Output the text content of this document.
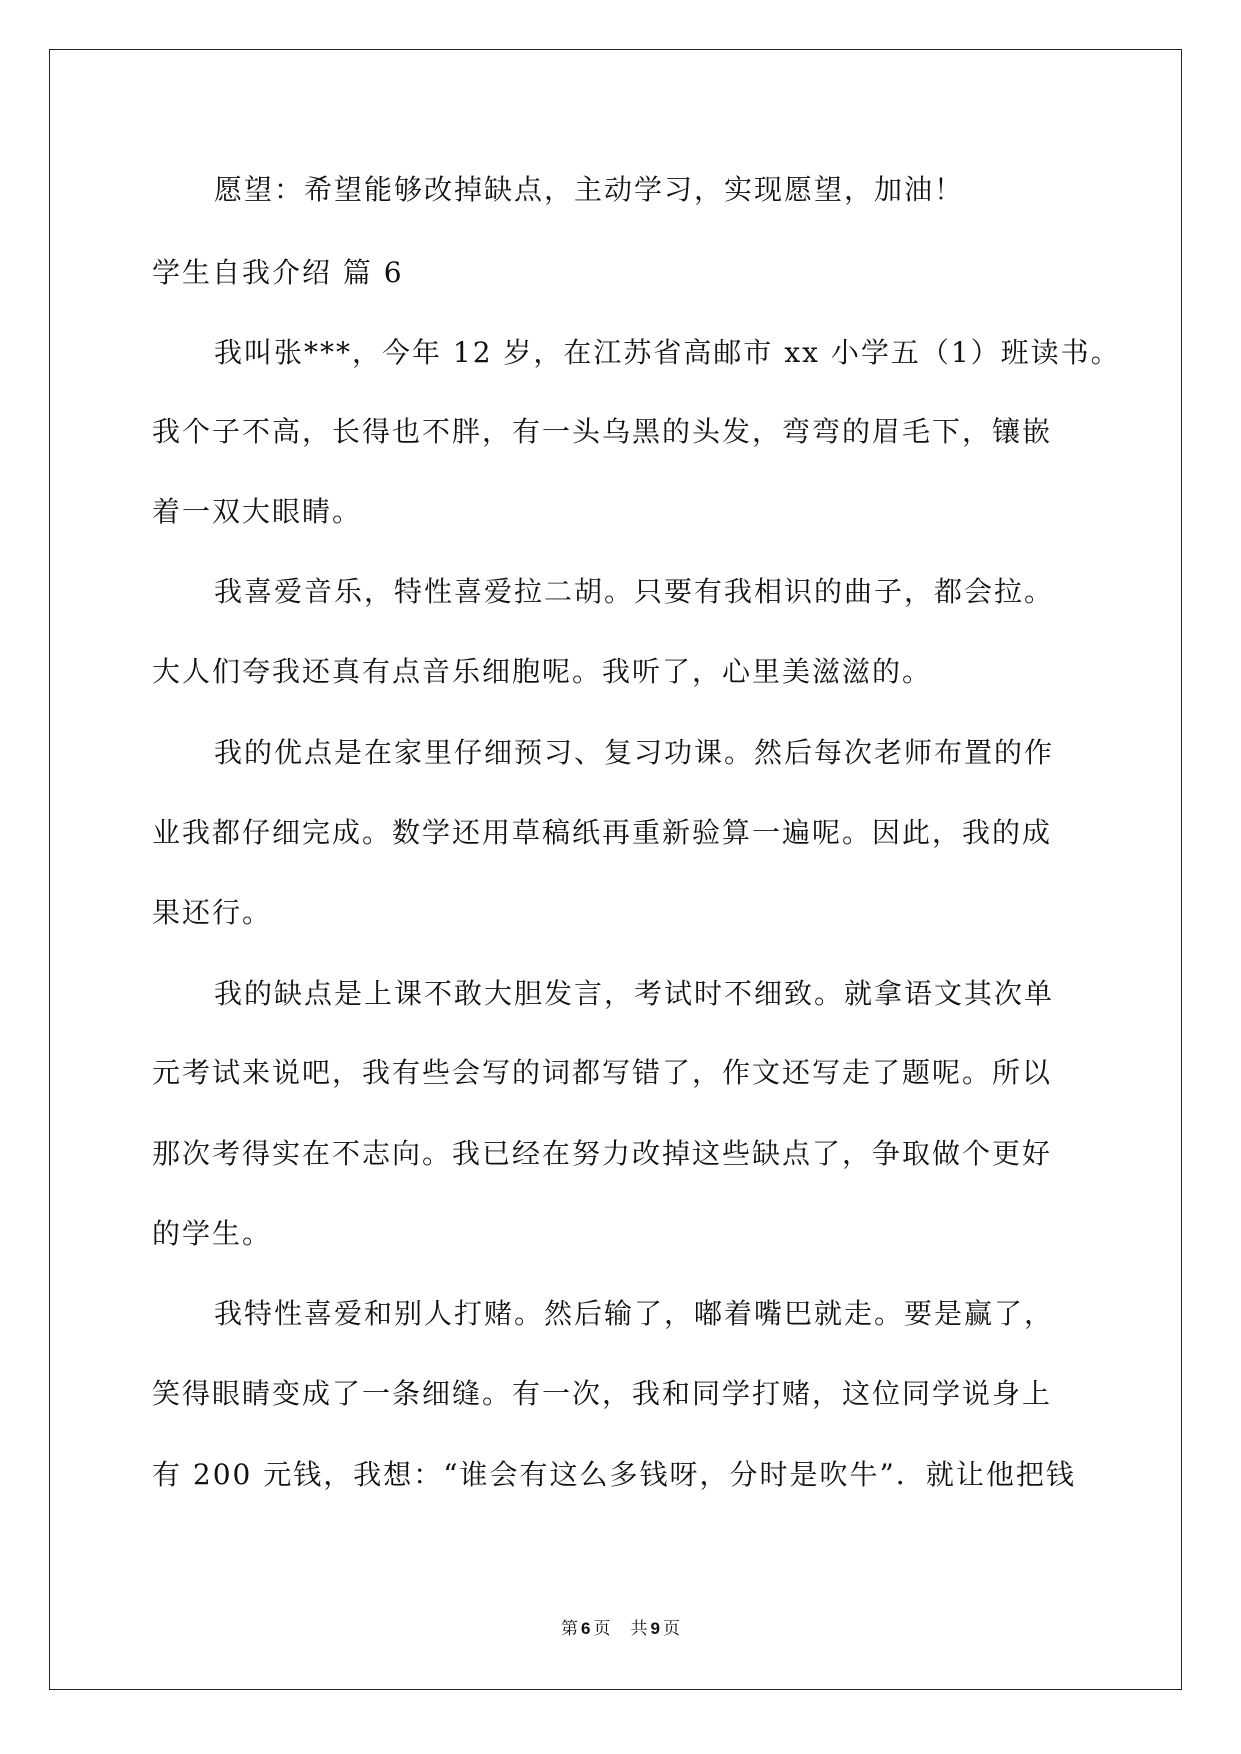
愿望：希望能够改掉缺点，主动学习，实现愿望，加油！
学生自我介绍 篇 6
我叫张***，今年 12 岁，在江苏省高邮市 xx 小学五（1）班读书。
我个子不高，长得也不胖，有一头乌黑的头发，弯弯的眉毛下，镶嵌
着一双大眼睛。
我喜爱音乐，特性喜爱拉二胡。只要有我相识的曲子，都会拉。
大人们夸我还真有点音乐细胞呢。我听了，心里美滋滋的。
我的优点是在家里仔细预习、复习功课。然后每次老师布置的作
业我都仔细完成。数学还用草稿纸再重新验算一遍呢。因此，我的成
果还行。
我的缺点是上课不敢大胆发言，考试时不细致。就拿语文其次单
元考试来说吧，我有些会写的词都写错了，作文还写走了题呢。所以
那次考得实在不志向。我已经在努力改掉这些缺点了，争取做个更好
的学生。
我特性喜爱和别人打赌。然后输了，嘟着嘴巴就走。要是赢了，
笑得眼睛变成了一条细缝。有一次，我和同学打赌，这位同学说身上
有 200 元钱，我想：“谁会有这么多钱呀，分时是吹牛”．就让他把钱
第 6 页 共 9 页
